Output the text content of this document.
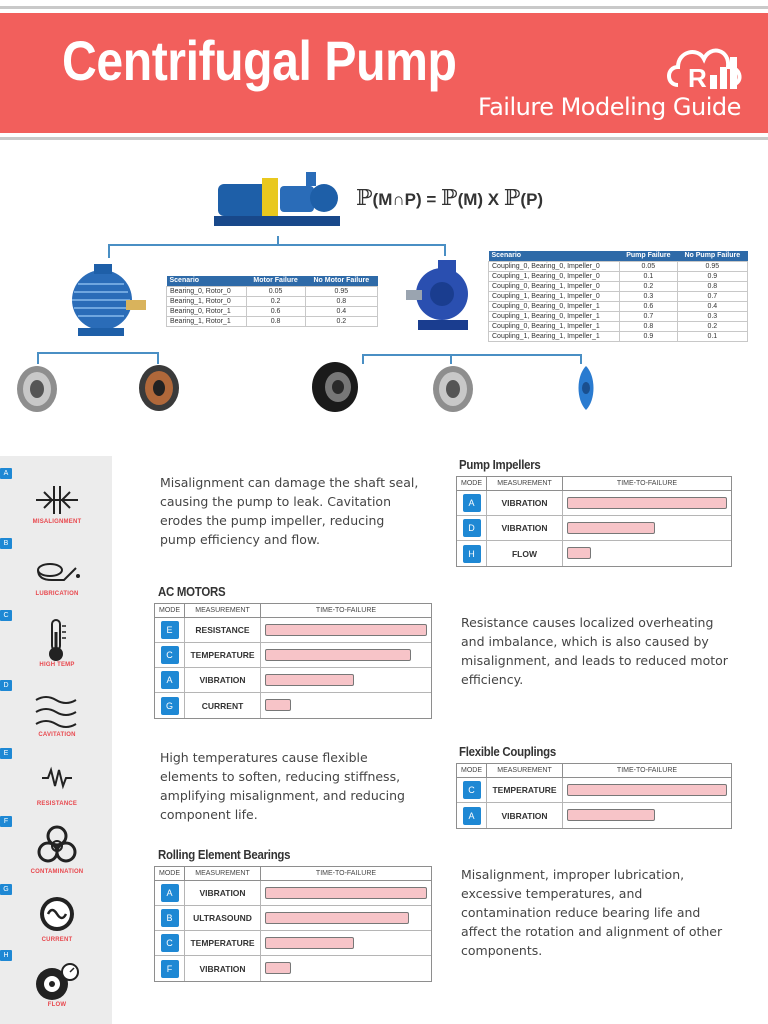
Centrifugal Pump
Failure Modeling Guide
R
ℙ(M∩P) = ℙ(M) X ℙ(P)
Scenario	Motor Failure	No Motor Failure
Bearing_0, Rotor_0	0.05	0.95
Bearing_1, Rotor_0	0.2	0.8
Bearing_0, Rotor_1	0.6	0.4
Bearing_1, Rotor_1	0.8	0.2
Scenario	Pump Failure	No Pump Failure
Coupling_0, Bearing_0, Impeller_0	0.05	0.95
Coupling_1, Bearing_0, Impeller_0	0.1	0.9
Coupling_0, Bearing_1, Impeller_0	0.2	0.8
Coupling_1, Bearing_1, Impeller_0	0.3	0.7
Coupling_0, Bearing_0, Impeller_1	0.6	0.4
Coupling_1, Bearing_0, Impeller_1	0.7	0.3
Coupling_0, Bearing_1, Impeller_1	0.8	0.2
Coupling_1, Bearing_1, Impeller_1	0.9	0.1
A
MISALIGNMENT
B
LUBRICATION
C
HIGH TEMP
D
CAVITATION
E
RESISTANCE
F
CONTAMINATION
G
CURRENT
H
FLOW
Misalignment can damage the shaft seal, causing the pump to leak. Cavitation erodes the pump impeller, reducing pump efficiency and flow.
Resistance causes localized overheating and imbalance, which is also caused by misalignment, and leads to reduced motor efficiency.
High temperatures cause flexible elements to soften, reducing stiffness, amplifying misalignment, and reducing component life.
Misalignment, improper lubrication, excessive temperatures, and contamination reduce bearing life and affect the rotation and alignment of other components.
Pump Impellers
MODE	MEASUREMENT	TIME-TO-FAILURE
A	VIBRATION
D	VIBRATION
H	FLOW
AC MOTORS
MODE	MEASUREMENT	TIME-TO-FAILURE
E	RESISTANCE
C	TEMPERATURE
A	VIBRATION
G	CURRENT
Flexible Couplings
MODE	MEASUREMENT	TIME-TO-FAILURE
C	TEMPERATURE
A	VIBRATION
Rolling Element Bearings
MODE	MEASUREMENT	TIME-TO-FAILURE
A	VIBRATION
B	ULTRASOUND
C	TEMPERATURE
F	VIBRATION
